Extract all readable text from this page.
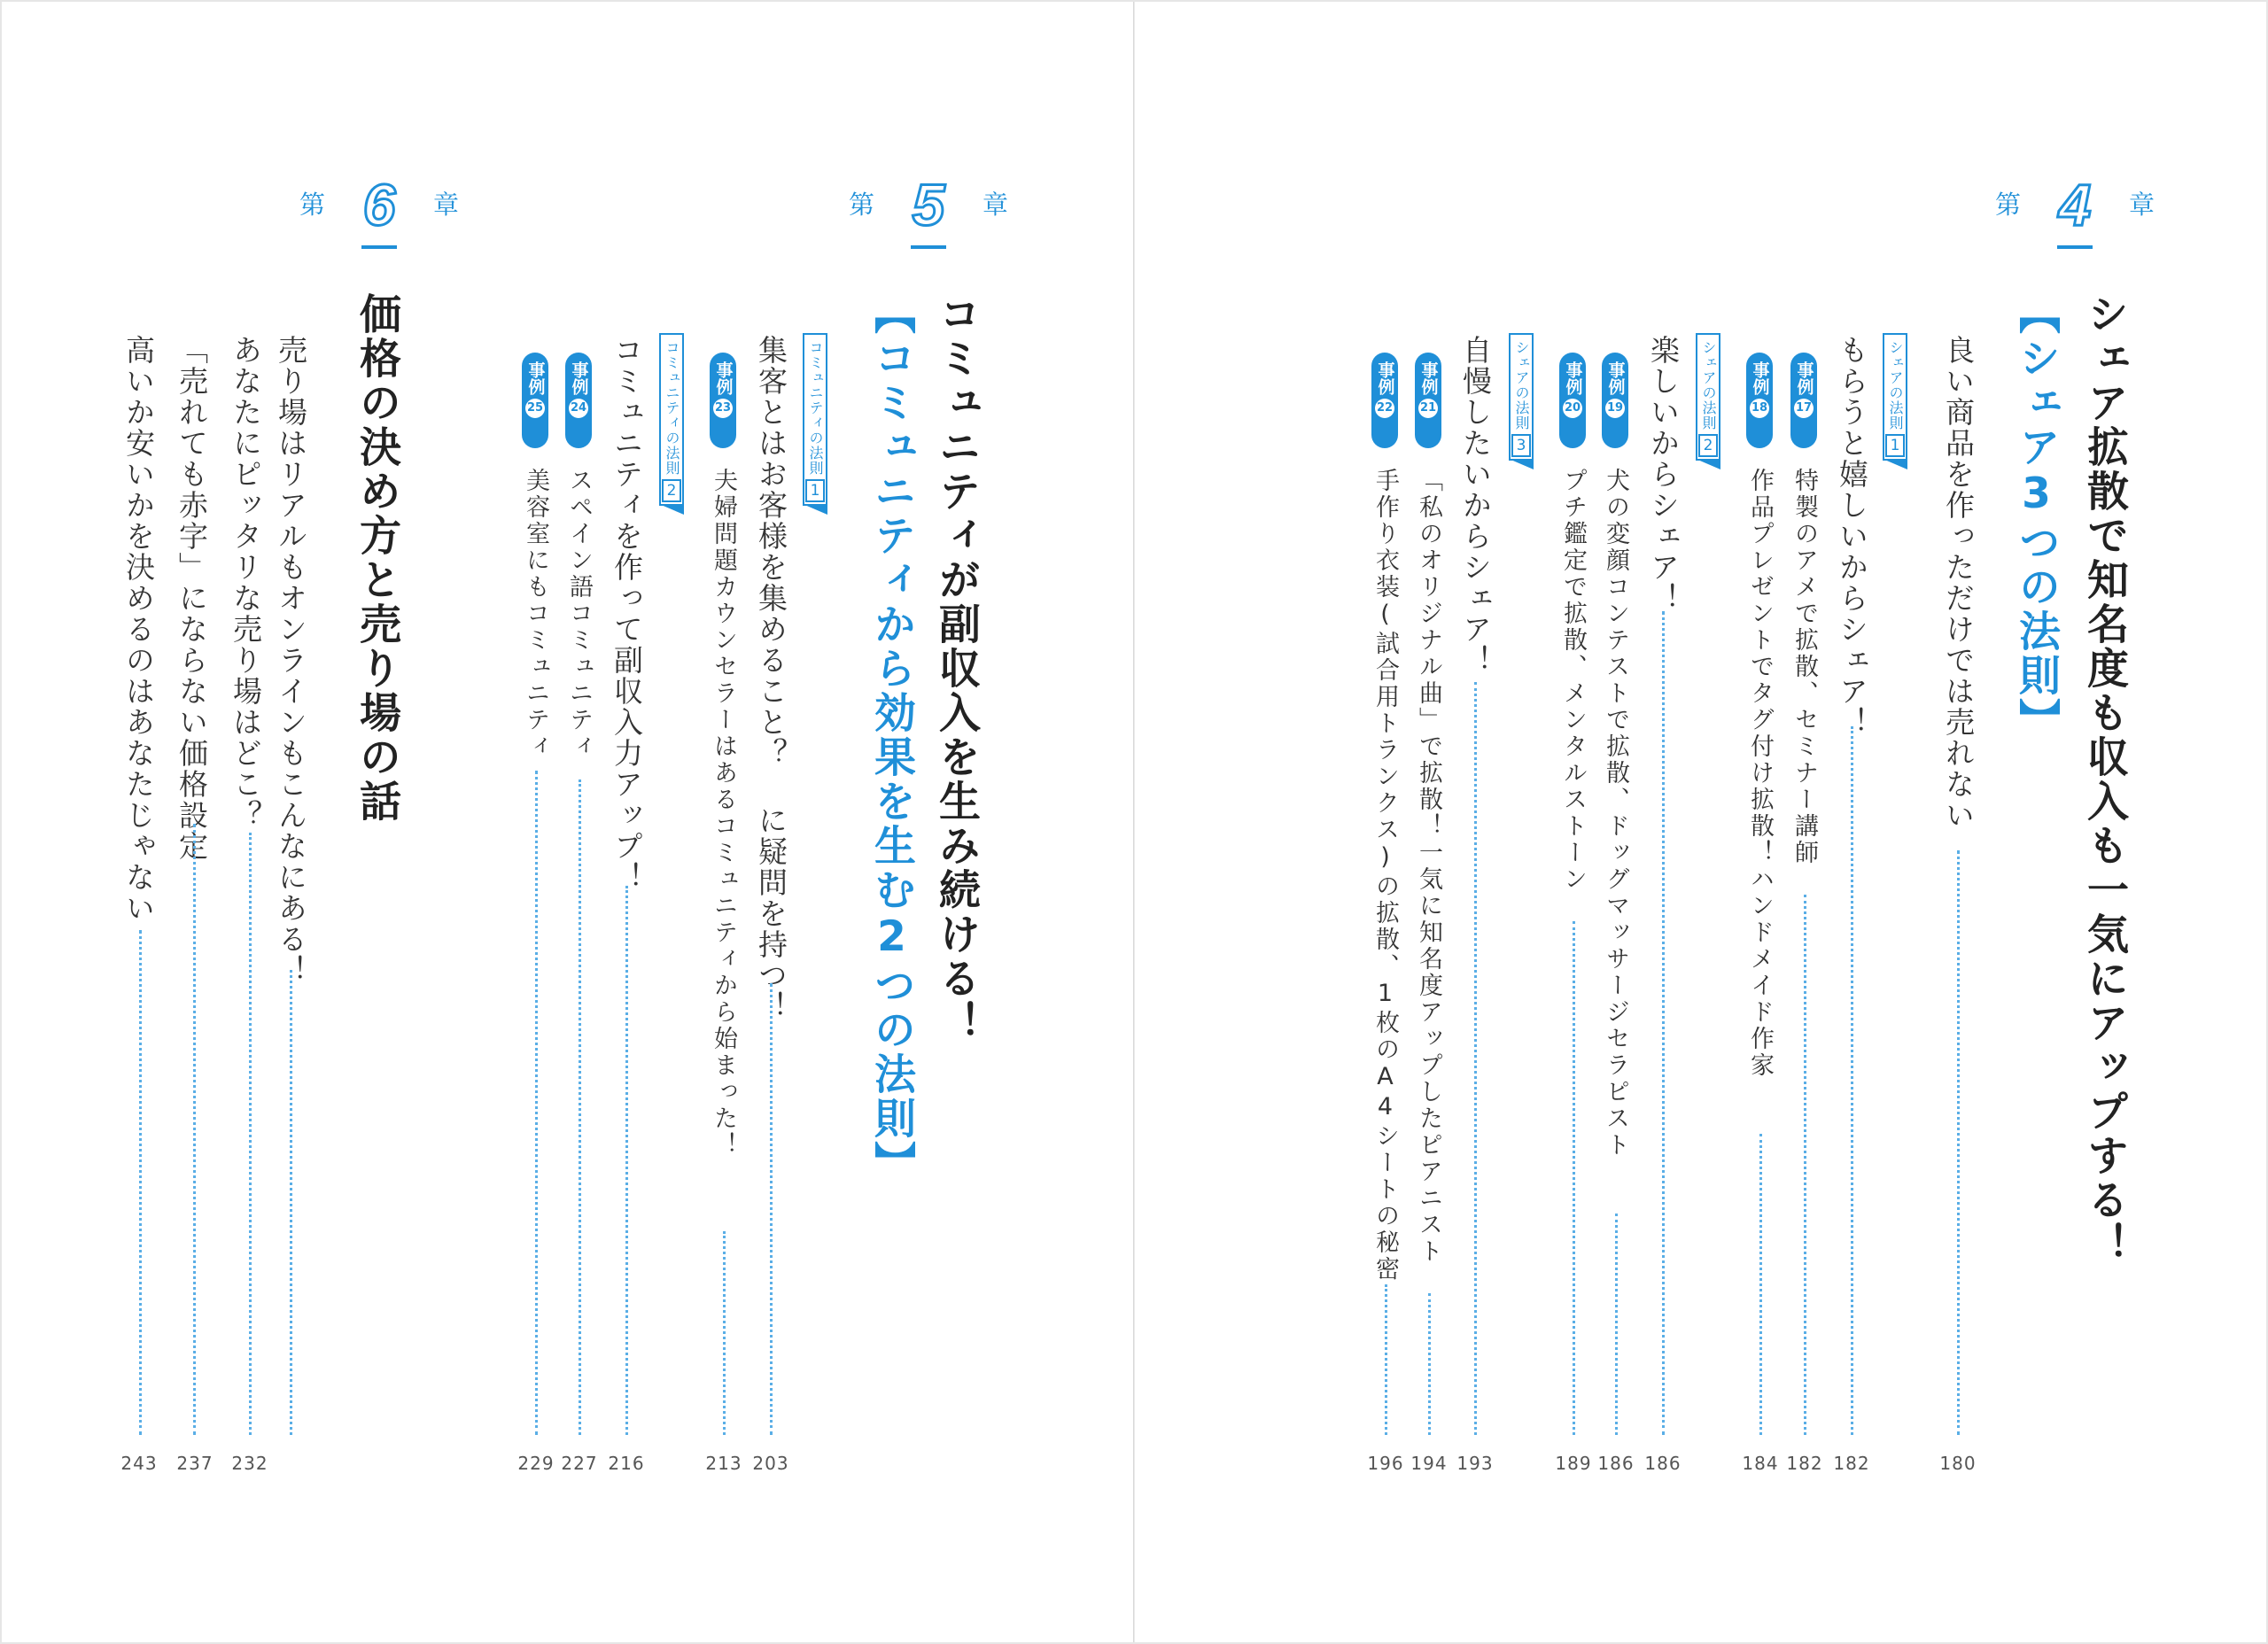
第 4 章
シェア拡散で知名度も収入も一気にアップする！
【シェア3つの法則】
良い商品を作っただけでは売れない
180
シェアの法則
1
もらうと嬉しいからシェア！
182
事例
17
特製のアメで拡散、セミナー講師
182
事例
18
作品プレゼントでタグ付け拡散！ハンドメイド作家
184
シェアの法則
2
楽しいからシェア！
186
事例
19
犬の変顔コンテストで拡散、ドッグマッサージセラピスト
186
事例
20
プチ鑑定で拡散、メンタルストーン
189
シェアの法則
3
自慢したいからシェア！
193
事例
21
「私のオリジナル曲」で拡散！一気に知名度アップしたピアニスト
194
事例
22
手作り衣装(試合用トランクス)の拡散、1枚のA4シートの秘密
196
第 5 章
コミュニティが副収入を生み続ける！
【コミュニティから効果を生む2つの法則】
コミュニティの法則
1
集客とはお客様を集めること？ に疑問を持つ！
203
事例
23
夫婦問題カウンセラーはあるコミュニティから始まった！
213
コミュニティの法則
2
コミュニティを作って副収入力アップ！
216
事例
24
スペイン語コミュニティ
227
事例
25
美容室にもコミュニティ
229
第 6 章
価格の決め方と売り場の話
売り場はリアルもオンラインもこんなにある！
232
あなたにピッタリな売り場はどこ？
237
「売れても赤字」にならない価格設定
高いか安いかを決めるのはあなたじゃない
243
